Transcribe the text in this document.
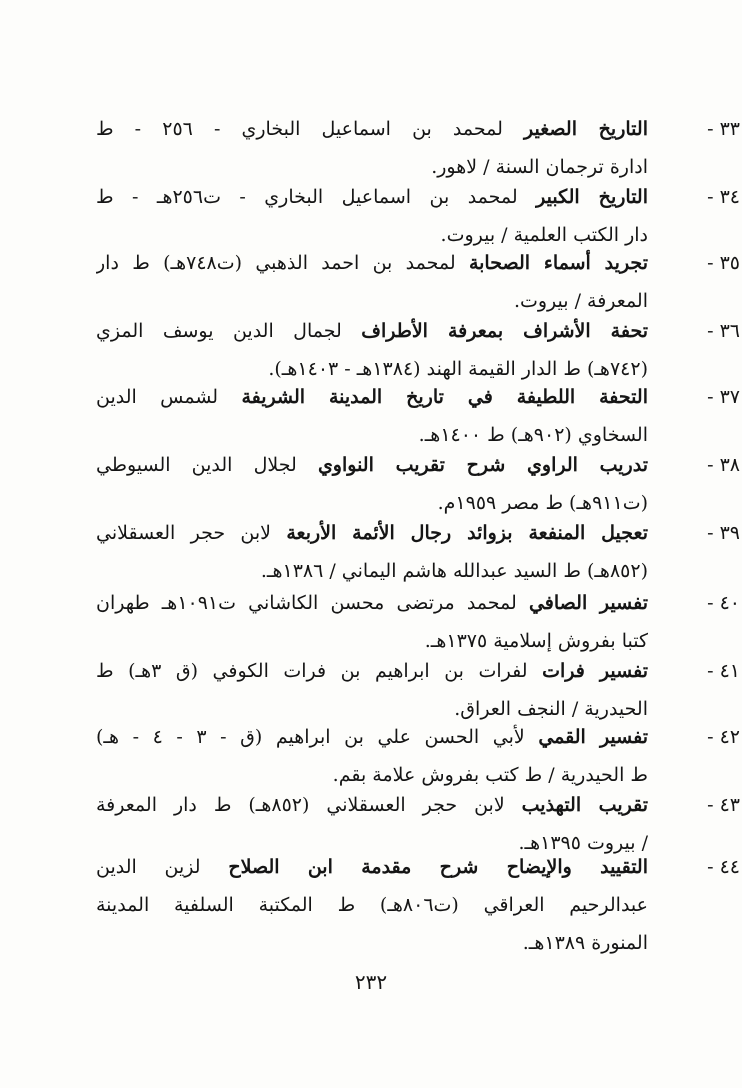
٣٣ -
التاريخ الصغير لمحمد بن اسماعيل البخاري - ٢٥٦ - ط
ادارة ترجمان السنة / لاهور.
٣٤ -
التاريخ الكبير لمحمد بن اسماعيل البخاري - ت٢٥٦هـ - ط
دار الكتب العلمية / بيروت.
٣٥ -
تجريد أسماء الصحابة لمحمد بن احمد الذهبي (ت٧٤٨هـ) ط دار
المعرفة / بيروت.
٣٦ -
تحفة الأشراف بمعرفة الأطراف لجمال الدين يوسف المزي
(٧٤٢هـ) ط الدار القيمة الهند (١٣٨٤هـ - ١٤٠٣هـ).
٣٧ -
التحفة اللطيفة في تاريخ المدينة الشريفة لشمس الدين
السخاوي (٩٠٢هـ) ط ١٤٠٠هـ.
٣٨ -
تدريب الراوي شرح تقريب النواوي لجلال الدين السيوطي
(ت٩١١هـ) ط مصر ١٩٥٩م.
٣٩ -
تعجيل المنفعة بزوائد رجال الأئمة الأربعة لابن حجر العسقلاني
(٨٥٢هـ) ط السيد عبدالله هاشم اليماني / ١٣٨٦هـ.
٤٠ -
تفسير الصافي لمحمد مرتضى محسن الكاشاني ت١٠٩١هـ طهران
كتبا بفروش إسلامية ١٣٧٥هـ.
٤١ -
تفسير فرات لفرات بن ابراهيم بن فرات الكوفي (ق ٣هـ) ط
الحيدرية / النجف العراق.
٤٢ -
تفسير القمي لأبي الحسن علي بن ابراهيم (ق - ٣ - ٤ - هـ)
ط الحيدرية / ط كتب بفروش علامة بقم.
٤٣ -
تقريب التهذيب لابن حجر العسقلاني (٨٥٢هـ) ط دار المعرفة
/ بيروت ١٣٩٥هـ.
٤٤ -
التقييد والإيضاح شرح مقدمة ابن الصلاح لزين الدين
عبدالرحيم العراقي (ت٨٠٦هـ) ط المكتبة السلفية المدينة
المنورة ١٣٨٩هـ.
٢٣٢
